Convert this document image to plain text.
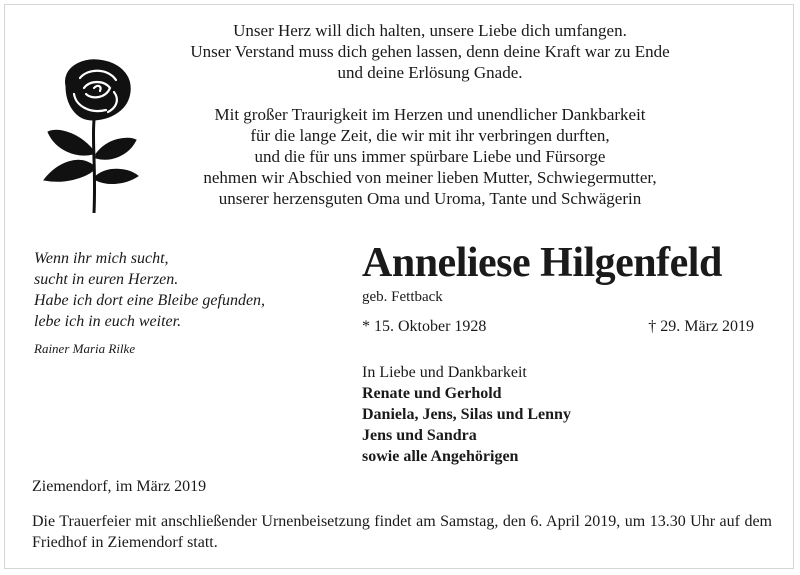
Unser Herz will dich halten, unsere Liebe dich umfangen.

Unser Verstand muss dich gehen lassen, denn deine Kraft war zu Ende

und deine Erlösung Gnade.

Mit großer Traurigkeit im Herzen und unendlicher Dankbarkeit

für die lange Zeit, die wir mit ihr verbringen durften,

und die für uns immer spürbare Liebe und Fürsorge

nehmen wir Abschied von meiner lieben Mutter, Schwiegermutter,

unserer herzensguten Oma und Uroma, Tante und Schwägerin

Wenn ihr mich sucht,
sucht in euren Herzen.
Habe ich dort eine Bleibe gefunden,
lebe ich in euch weiter.
Rainer Maria Rilke
Anneliese Hilgenfeld
geb. Fettback
* 15. Oktober 1928	† 29. März 2019
In Liebe und Dankbarkeit
Renate und Gerhold
Daniela, Jens, Silas und Lenny
Jens und Sandra
sowie alle Angehörigen
Ziemendorf, im März 2019
Die Trauerfeier mit anschließender Urnenbeisetzung findet am Samstag, den 6. April 2019, um 13.30 Uhr auf dem Friedhof in Ziemendorf statt.
